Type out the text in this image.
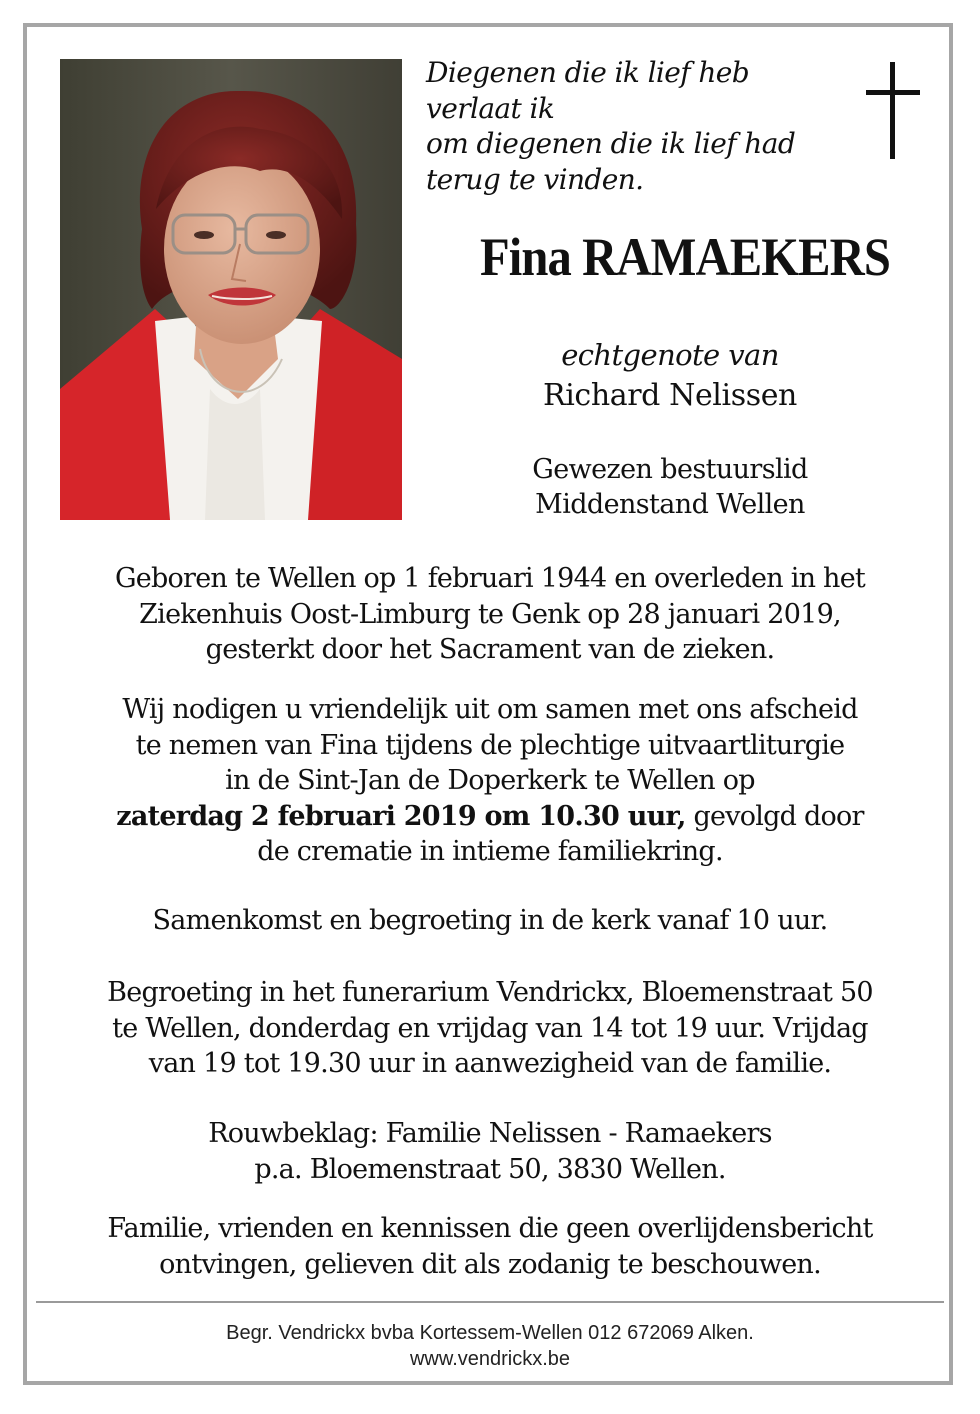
Diegenen die ik lief heb
verlaat ik
om diegenen die ik lief had
terug te vinden.
Fina RAMAEKERS
echtgenote van
Richard Nelissen
Gewezen bestuurslid
Middenstand Wellen
Geboren te Wellen op 1 februari 1944 en overleden in het
Ziekenhuis Oost-Limburg te Genk op 28 januari 2019,
gesterkt door het Sacrament van de zieken.
Wij nodigen u vriendelijk uit om samen met ons afscheid
te nemen van Fina tijdens de plechtige uitvaartliturgie
in de Sint-Jan de Doperkerk te Wellen op
zaterdag 2 februari 2019 om 10.30 uur, gevolgd door
de crematie in intieme familiekring.
Samenkomst en begroeting in de kerk vanaf 10 uur.
Begroeting in het funerarium Vendrickx, Bloemenstraat 50
te Wellen, donderdag en vrijdag van 14 tot 19 uur. Vrijdag
van 19 tot 19.30 uur in aanwezigheid van de familie.
Rouwbeklag: Familie Nelissen - Ramaekers
p.a. Bloemenstraat 50, 3830 Wellen.
Familie, vrienden en kennissen die geen overlijdensbericht
ontvingen, gelieven dit als zodanig te beschouwen.
Begr. Vendrickx bvba Kortessem-Wellen 012 672069 Alken.
www.vendrickx.be
